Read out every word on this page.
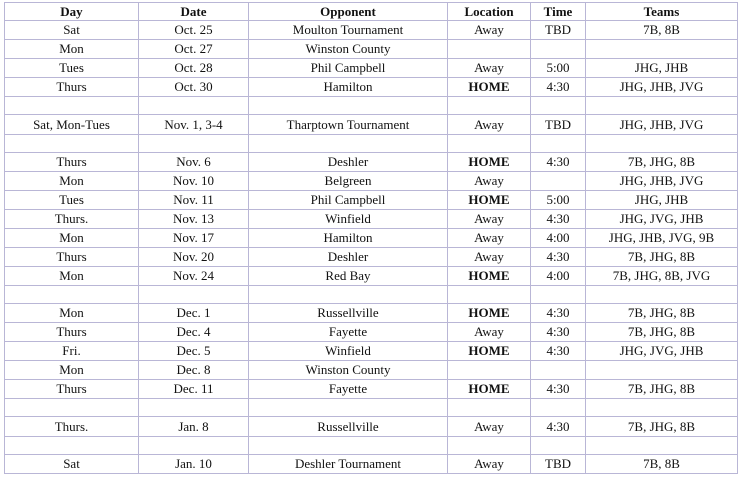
Day	Date	Opponent	Location	Time	Teams
Sat	Oct. 25	Moulton Tournament	Away	TBD	7B, 8B
Mon	Oct. 27	Winston County			
Tues	Oct. 28	Phil Campbell	Away	5:00	JHG, JHB
Thurs	Oct. 30	Hamilton	HOME	4:30	JHG, JHB, JVG

Sat, Mon-Tues	Nov. 1, 3-4	Tharptown Tournament	Away	TBD	JHG, JHB, JVG

Thurs	Nov. 6	Deshler	HOME	4:30	7B, JHG, 8B
Mon	Nov. 10	Belgreen	Away		JHG, JHB, JVG
Tues	Nov. 11	Phil Campbell	HOME	5:00	JHG, JHB
Thurs.	Nov. 13	Winfield	Away	4:30	JHG, JVG, JHB
Mon	Nov. 17	Hamilton	Away	4:00	JHG, JHB, JVG, 9B
Thurs	Nov. 20	Deshler	Away	4:30	7B, JHG, 8B
Mon	Nov. 24	Red Bay	HOME	4:00	7B, JHG, 8B, JVG

Mon	Dec. 1	Russellville	HOME	4:30	7B, JHG, 8B
Thurs	Dec. 4	Fayette	Away	4:30	7B, JHG, 8B
Fri.	Dec. 5	Winfield	HOME	4:30	JHG, JVG, JHB
Mon	Dec. 8	Winston County			
Thurs	Dec. 11	Fayette	HOME	4:30	7B, JHG, 8B

Thurs.	Jan. 8	Russellville	Away	4:30	7B, JHG, 8B

Sat	Jan. 10	Deshler Tournament	Away	TBD	7B, 8B
